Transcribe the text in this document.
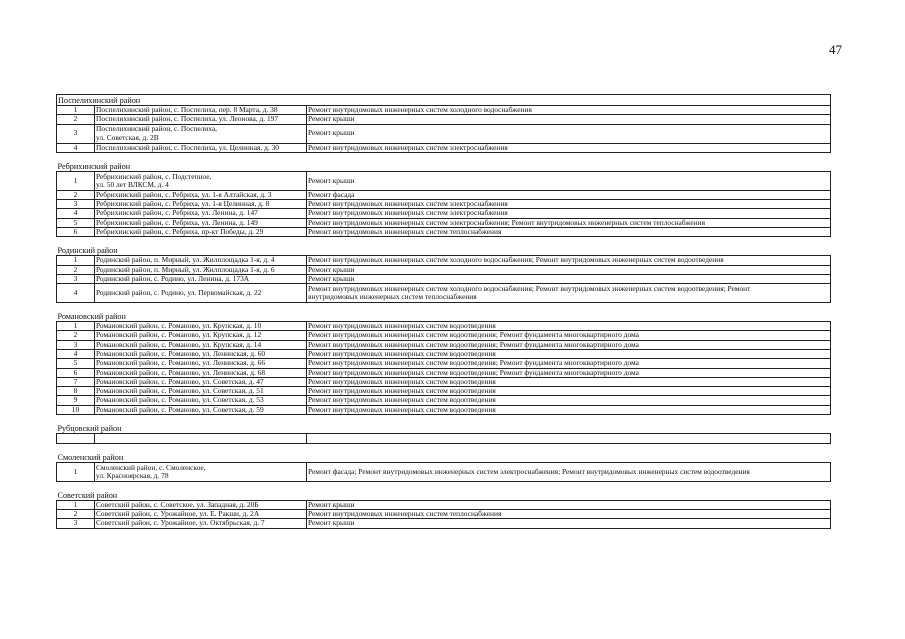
47
Поспелихинский район		
1	Поспелихинский район, с. Поспелиха, пер. 8 Марта, д. 38	Ремонт внутридомовых инженерных систем холодного водоснабжения
2	Поспелихинский район, с. Поспелиха, ул. Леонова, д. 197	Ремонт крыши
3	Поспелихинский район, с. Поспелиха,
ул. Советская, д. 2В	Ремонт крыши
4	Поспелихинский район, с. Поспелиха, ул. Целинная, д. 30	Ремонт внутридомовых инженерных систем электроснабжения
Ребрихинский район		
1	Ребрихинский район, с. Подстепное,
ул. 50 лет ВЛКСМ, д. 4	Ремонт крыши
2	Ребрихинский район, с. Ребриха, ул. 1-я Алтайская, д. 3	Ремонт фасада
3	Ребрихинский район, с. Ребриха, ул. 1-я Целинная, д. 8	Ремонт внутридомовых инженерных систем электроснабжения
4	Ребрихинский район, с. Ребриха, ул. Ленина, д. 147	Ремонт внутридомовых инженерных систем электроснабжения
5	Ребрихинский район, с. Ребриха, ул. Ленина, д. 149	Ремонт внутридомовых инженерных систем электроснабжения; Ремонт внутридомовых инженерных систем теплоснабжения
6	Ребрихинский район, с. Ребриха, пр-кт Победы, д. 29	Ремонт внутридомовых инженерных систем теплоснабжения
Родинский район		
1	Родинский район, п. Мирный, ул. Жилплощадка 1-я, д. 4	Ремонт внутридомовых инженерных систем холодного водоснабжения; Ремонт внутридомовых инженерных систем водоотведения
2	Родинский район, п. Мирный, ул. Жилплощадка 1-я, д. 6	Ремонт крыши
3	Родинский район, с. Родино, ул. Ленина, д. 173А	Ремонт крыши
4	Родинский район, с. Родино, ул. Первомайская, д. 22	Ремонт внутридомовых инженерных систем холодного водоснабжения; Ремонт внутридомовых инженерных систем водоотведения; Ремонт
внутридомовых инженерных систем теплоснабжения
Романовский район		
1	Романовский район, с. Романово, ул. Крупская, д. 10	Ремонт внутридомовых инженерных систем водоотведения
2	Романовский район, с. Романово, ул. Крупская, д. 12	Ремонт внутридомовых инженерных систем водоотведения; Ремонт фундамента многоквартирного дома
3	Романовский район, с. Романово, ул. Крупская, д. 14	Ремонт внутридомовых инженерных систем водоотведения; Ремонт фундамента многоквартирного дома
4	Романовский район, с. Романово, ул. Ленинская, д. 60	Ремонт внутридомовых инженерных систем водоотведения
5	Романовский район, с. Романово, ул. Ленинская, д. 66	Ремонт внутридомовых инженерных систем водоотведения; Ремонт фундамента многоквартирного дома
6	Романовский район, с. Романово, ул. Ленинская, д. 68	Ремонт внутридомовых инженерных систем водоотведения; Ремонт фундамента многоквартирного дома
7	Романовский район, с. Романово, ул. Советская, д. 47	Ремонт внутридомовых инженерных систем водоотведения
8	Романовский район, с. Романово, ул. Советская, д. 51	Ремонт внутридомовых инженерных систем водоотведения
9	Романовский район, с. Романово, ул. Советская, д. 53	Ремонт внутридомовых инженерных систем водоотведения
10	Романовский район, с. Романово, ул. Советская, д. 59	Ремонт внутридомовых инженерных систем водоотведения
Рубцовский район		

Смоленский район		
1	Смоленский район, с. Смоленское,
ул. Красноярская, д. 78	Ремонт фасада; Ремонт внутридомовых инженерных систем электроснабжения; Ремонт внутридомовых инженерных систем водоотведения
Советский район		
1	Советский район, с. Советское, ул. Западная, д. 20Б	Ремонт крыши
2	Советский район, с. Урожайное, ул. Е. Ракши, д. 2А	Ремонт внутридомовых инженерных систем теплоснабжения
3	Советский район, с. Урожайное, ул. Октябрьская, д. 7	Ремонт крыши
